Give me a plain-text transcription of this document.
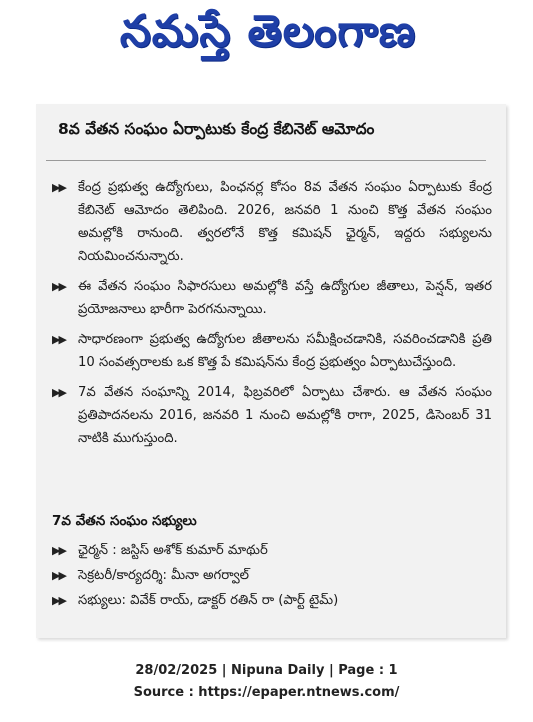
నమస్తే తెలంగాణ
8వ వేతన సంఘం ఏర్పాటుకు కేంద్ర కేబినెట్ ఆమోదం
▶▶ కేంద్ర ప్రభుత్వ ఉద్యోగులు, పింఛనర్ల కోసం 8వ వేతన సంఘం ఏర్పాటుకు కేంద్ర కేబినెట్ ఆమోదం తెలిపింది. 2026, జనవరి 1 నుంచి కొత్త వేతన సంఘం అమల్లోకి రానుంది. త్వరలోనే కొత్త కమిషన్ ఛైర్మన్, ఇద్దరు సభ్యులను నియమించనున్నారు.
▶▶ ఈ వేతన సంఘం సిఫారసులు అమల్లోకి వస్తే ఉద్యోగుల జీతాలు, పెన్షన్, ఇతర ప్రయోజనాలు భారీగా పెరగనున్నాయి.
▶▶ సాధారణంగా ప్రభుత్వ ఉద్యోగుల జీతాలను సమీక్షించడానికి, సవరించడానికి ప్రతి 10 సంవత్సరాలకు ఒక కొత్త పే కమిషన్‌ను కేంద్ర ప్రభుత్వం ఏర్పాటుచేస్తుంది.
▶▶ 7వ వేతన సంఘాన్ని 2014, ఫిబ్రవరిలో ఏర్పాటు చేశారు. ఆ వేతన సంఘం ప్రతిపాదనలను 2016, జనవరి 1 నుంచి అమల్లోకి రాగా, 2025, డిసెంబర్ 31 నాటికి ముగుస్తుంది.
7వ వేతన సంఘం సభ్యులు
▶▶ ఛైర్మన్ : జస్టిస్ అశోక్ కుమార్ మాథుర్
▶▶ సెక్రటరీ/కార్యదర్శి: మీనా అగర్వాల్
▶▶ సభ్యులు: వివేక్ రాయ్, డాక్టర్ రతిన్ రా (పార్ట్ టైమ్)
28/02/2025 | Nipuna Daily | Page : 1
Source : https://epaper.ntnews.com/
